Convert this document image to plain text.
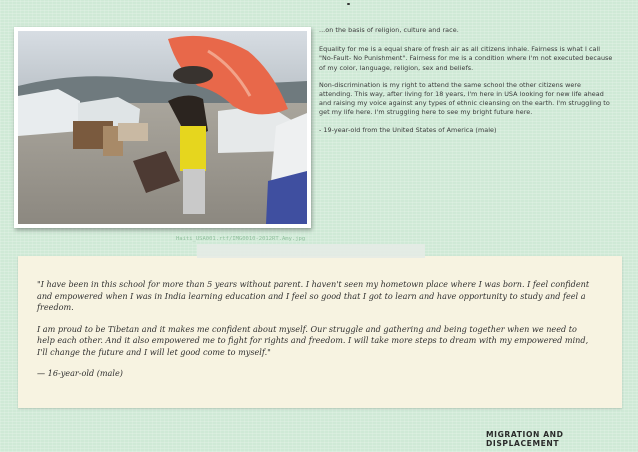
Haiti_USA001.rtf/IMG0010-2012RT.Amy.jpg

...on the basis of religion, culture and race.

Equality for me is a equal share of fresh air as all citizens inhale. Fairness is what I call "No-Fault- No Punishment". Fairness for me is a condition where I'm not executed because of my color, language, religion, sex and beliefs.

Non-discrimination is my right to attend the same school the other citizens were attending. This way, after living for 18 years, I'm here in USA looking for new life ahead and raising my voice against any types of ethnic cleansing on the earth. I'm struggling to get my life here. I'm struggling here to see my bright future here.

- 19-year-old from the United States of America (male)

"I have been in this school for more than 5 years without parent. I haven't seen my hometown place where I was born. I feel confident and empowered when I was in India learning education and I feel so good that I got to learn and have opportunity to study and feel a freedom.

I am proud to be Tibetan and it makes me confident about myself. Our struggle and gathering and being together when we need to help each other. And it also empowered me to fight for rights and freedom. I will take more steps to dream with my empowered mind, I'll change the future and I will let good come to myself."

— 16-year-old (male)

MIGRATION AND DISPLACEMENT
